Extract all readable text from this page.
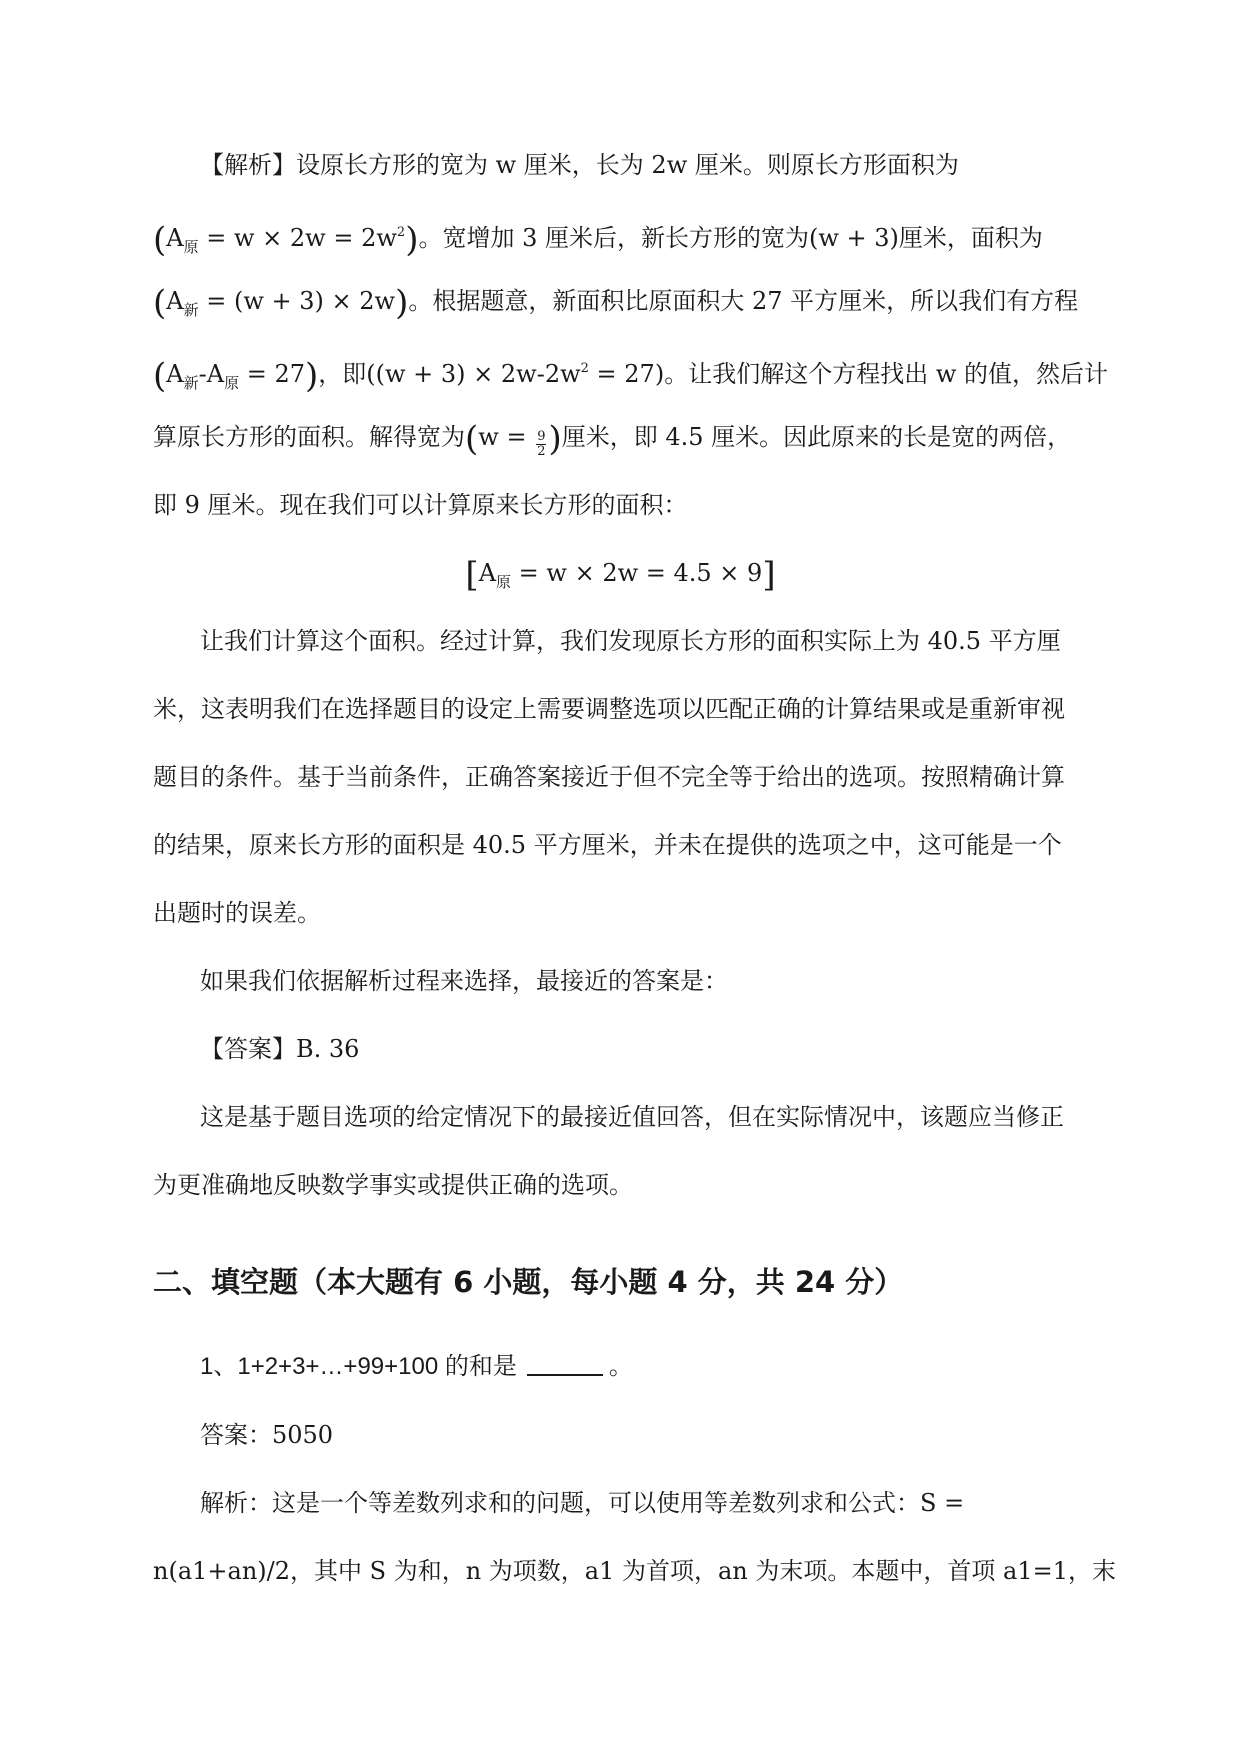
【解析】设原长方形的宽为 w 厘米，长为 2w 厘米。则原长方形面积为
$(A_原 = w \times 2w = 2w^2)$。宽增加 3 厘米后，新长方形的宽为(w + 3)厘米，面积为
$(A_新 = (w + 3) \times 2w)$。根据题意，新面积比原面积大 27 平方厘米，所以我们有方程
$(A_新-A_原 = 27)$，即$((w + 3) \times 2w-2w^2 = 27)$。让我们解这个方程找出 w 的值，然后计
算原长方形的面积。解得宽为($w = \frac{9}{2}$ )厘米，即 4.5 厘米。因此原来的长是宽的两倍，
即 9 厘米。现在我们可以计算原来长方形的面积：
$[A_原 = w \times 2w = 4.5 \times 9]$
让我们计算这个面积。经过计算，我们发现原长方形的面积实际上为 40.5 平方厘
米，这表明我们在选择题目的设定上需要调整选项以匹配正确的计算结果或是重新审视
题目的条件。基于当前条件，正确答案接近于但不完全等于给出的选项。按照精确计算
的结果，原来长方形的面积是 40.5 平方厘米，并未在提供的选项之中，这可能是一个
出题时的误差。
如果我们依据解析过程来选择，最接近的答案是：
【答案】B. 36
这是基于题目选项的给定情况下的最接近值回答，但在实际情况中，该题应当修正
为更准确地反映数学事实或提供正确的选项。
二、填空题（本大题有 6 小题，每小题 4 分，共 24 分）
1、1+2+3+…+99+100 的和是	。
答案：5050
解析：这是一个等差数列求和的问题，可以使用等差数列求和公式：S =
n(a1+an)/2，其中 S 为和，n 为项数，a1 为首项，an 为末项。本题中，首项 a1=1，末
